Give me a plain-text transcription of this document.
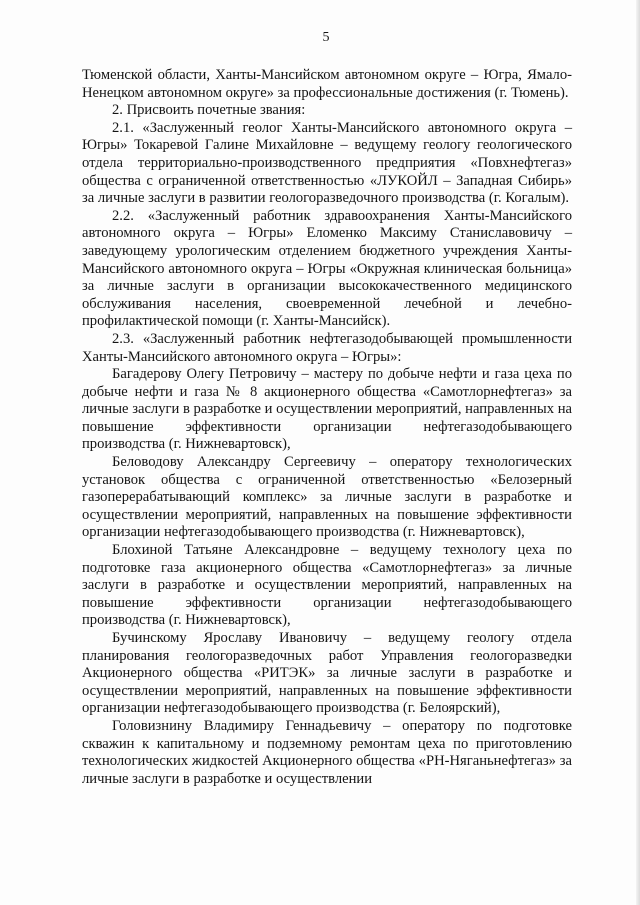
5

Тюменской области, Ханты-Мансийском автономном округе – Югра, Ямало-Ненецком автономном округе» за профессиональные достижения (г. Тюмень).

2. Присвоить почетные звания:

2.1. «Заслуженный геолог Ханты-Мансийского автономного округа – Югры» Токаревой Галине Михайловне – ведущему геологу геологического отдела территориально-производственного предприятия «Повхнефтегаз» общества с ограниченной ответственностью «ЛУКОЙЛ – Западная Сибирь» за личные заслуги в развитии геологоразведочного производства (г. Когалым).

2.2. «Заслуженный работник здравоохранения Ханты-Мансийского автономного округа – Югры» Еломенко Максиму Станиславовичу – заведующему урологическим отделением бюджетного учреждения Ханты-Мансийского автономного округа – Югры «Окружная клиническая больница» за личные заслуги в организации высококачественного медицинского обслуживания населения, своевременной лечебной и лечебно-профилактической помощи (г. Ханты-Мансийск).

2.3. «Заслуженный работник нефтегазодобывающей промышленности Ханты-Мансийского автономного округа – Югры»:

Багадерову Олегу Петровичу – мастеру по добыче нефти и газа цеха по добыче нефти и газа № 8 акционерного общества «Самотлорнефтегаз» за личные заслуги в разработке и осуществлении мероприятий, направленных на повышение эффективности организации нефтегазодобывающего производства (г. Нижневартовск),

Беловодову Александру Сергеевичу – оператору технологических установок общества с ограниченной ответственностью «Белозерный газоперерабатывающий комплекс» за личные заслуги в разработке и осуществлении мероприятий, направленных на повышение эффективности организации нефтегазодобывающего производства (г. Нижневартовск),

Блохиной Татьяне Александровне – ведущему технологу цеха по подготовке газа акционерного общества «Самотлорнефтегаз» за личные заслуги в разработке и осуществлении мероприятий, направленных на повышение эффективности организации нефтегазодобывающего производства (г. Нижневартовск),

Бучинскому Ярославу Ивановичу – ведущему геологу отдела планирования геологоразведочных работ Управления геологоразведки Акционерного общества «РИТЭК» за личные заслуги в разработке и осуществлении мероприятий, направленных на повышение эффективности организации нефтегазодобывающего производства (г. Белоярский),

Головизнину Владимиру Геннадьевичу – оператору по подготовке скважин к капитальному и подземному ремонтам цеха по приготовлению технологических жидкостей Акционерного общества «РН-Няганьнефтегаз» за личные заслуги в разработке и осуществлении
